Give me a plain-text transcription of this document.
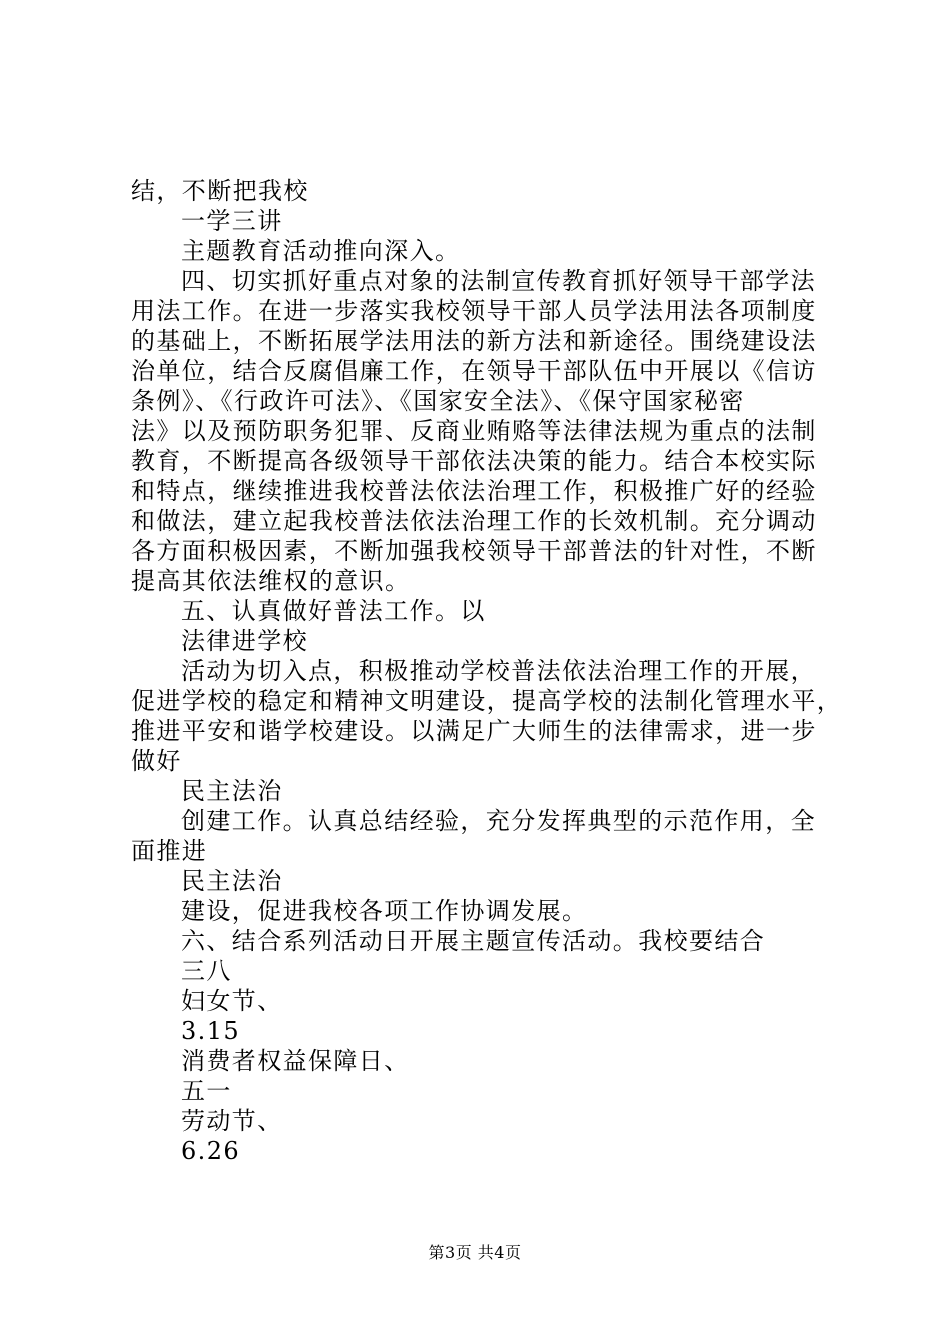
结，不断把我校
一学三讲
主题教育活动推向深入。
四、切实抓好重点对象的法制宣传教育抓好领导干部学法
用法工作。在进一步落实我校领导干部人员学法用法各项制度
的基础上，不断拓展学法用法的新方法和新途径。围绕建设法
治单位，结合反腐倡廉工作，在领导干部队伍中开展以《信访
条例》、《行政许可法》、《国家安全法》、《保守国家秘密
法》以及预防职务犯罪、反商业贿赂等法律法规为重点的法制
教育，不断提高各级领导干部依法决策的能力。结合本校实际
和特点，继续推进我校普法依法治理工作，积极推广好的经验
和做法，建立起我校普法依法治理工作的长效机制。充分调动
各方面积极因素，不断加强我校领导干部普法的针对性，不断
提高其依法维权的意识。
五、认真做好普法工作。以
法律进学校
活动为切入点，积极推动学校普法依法治理工作的开展，
促进学校的稳定和精神文明建设，提高学校的法制化管理水平，
推进平安和谐学校建设。以满足广大师生的法律需求，进一步
做好
民主法治
创建工作。认真总结经验，充分发挥典型的示范作用，全
面推进
民主法治
建设，促进我校各项工作协调发展。
六、结合系列活动日开展主题宣传活动。我校要结合
三八
妇女节、
3.15
消费者权益保障日、
五一
劳动节、
6.26
第3页 共4页
